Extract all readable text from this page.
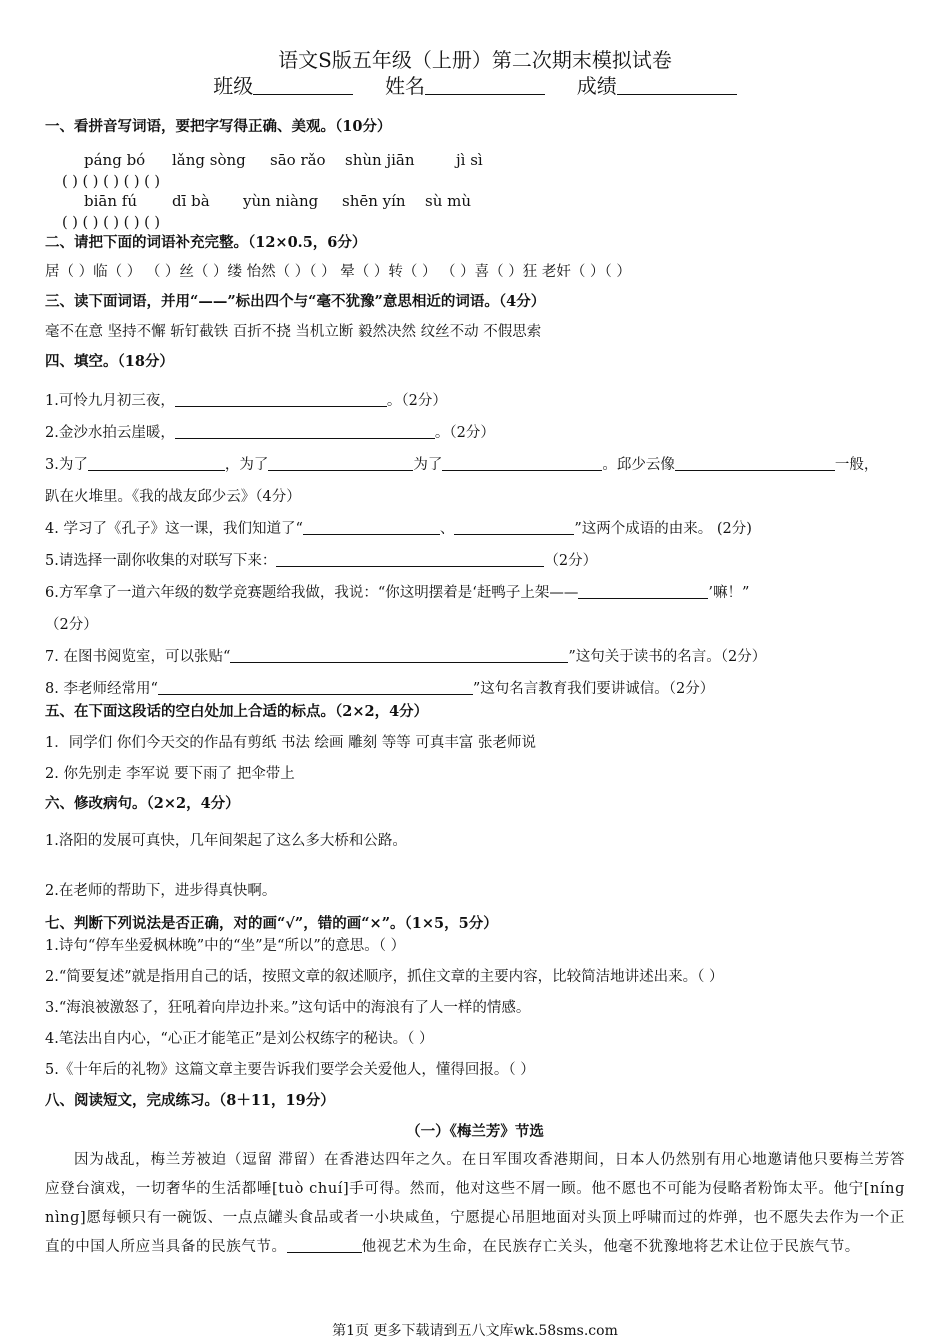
语文S版五年级（上册）第二次期末模拟试卷
班级	姓名	成绩
一、看拼音写词语，要把字写得正确、美观。（10分）
páng bó lǎng sòng sāo rǎo shùn jiān	jì sì
( ) ( ) ( ) ( ) ( )
biān fú dī bà yùn niàng shēn yín sù mù
( ) ( ) ( ) ( ) ( )
二、请把下面的词语补充完整。（12×0.5，6分）
居（ ）临（ ） （ ）丝（ ）缕 怡然（ ）（ ） 晕（ ）转（ ） （ ）喜（ ）狂 老奸（ ）（ ）
三、读下面词语，并用“——”标出四个与“毫不犹豫”意思相近的词语。（4分）
毫不在意 坚持不懈 斩钉截铁 百折不挠 当机立断 毅然决然 纹丝不动 不假思索
四、填空。（18分）
1.可怜九月初三夜，	。（2分）
2.金沙水拍云崖暖，	。（2分）
3.为了	，为了	为了	。邱少云像	一般，
趴在火堆里。《我的战友邱少云》（4分）
4. 学习了《孔子》这一课，我们知道了“	、	”这两个成语的由来。 (2分)
5.请选择一副你收集的对联写下来：	（2分）
6.方军拿了一道六年级的数学竞赛题给我做，我说：“你这明摆着是‘赶鸭子上架——	’嘛！”
（2分）
7. 在图书阅览室，可以张贴“	”这句关于读书的名言。（2分）
8. 李老师经常用“	”这句名言教育我们要讲诚信。（2分）
五、在下面这段话的空白处加上合适的标点。（2×2，4分）
1．同学们 你们今天交的作品有剪纸 书法 绘画 雕刻 等等 可真丰富 张老师说
2. 你先别走 李军说 要下雨了 把伞带上
六、修改病句。（2×2，4分）
1.洛阳的发展可真快，几年间架起了这么多大桥和公路。
2.在老师的帮助下，进步得真快啊。
七、判断下列说法是否正确，对的画“√”，错的画“×”。（1×5，5分）
1.诗句“停车坐爱枫林晚”中的“坐”是“所以”的意思。（ ）
2.“简要复述”就是指用自己的话，按照文章的叙述顺序，抓住文章的主要内容，比较简洁地讲述出来。（ ）
3.“海浪被激怒了，狂吼着向岸边扑来。”这句话中的海浪有了人一样的情感。
4.笔法出自内心，“心正才能笔正”是刘公权练字的秘诀。（ ）
5.《十年后的礼物》这篇文章主要告诉我们要学会关爱他人，懂得回报。（ ）
八、阅读短文，完成练习。（8＋11，19分）
（一）《梅兰芳》节选
因为战乱，梅兰芳被迫（逗留 滞留）在香港达四年之久。在日军围攻香港期间，日本人仍然别有用心地邀请他只要梅兰芳答应登台演戏，一切奢华的生活都唾[tuò chuí]手可得。然而，他对这些不屑一顾。他不愿也不可能为侵略者粉饰太平。他宁[nínɡ nìnɡ]愿每顿只有一碗饭、一点点罐头食品或者一小块咸鱼，宁愿提心吊胆地面对头顶上呼啸而过的炸弹，也不愿失去作为一个正直的中国人所应当具备的民族气节。	他视艺术为生命，在民族存亡关头，他毫不犹豫地将艺术让位于民族气节。
第1页 更多下载请到五八文库wk.58sms.com
